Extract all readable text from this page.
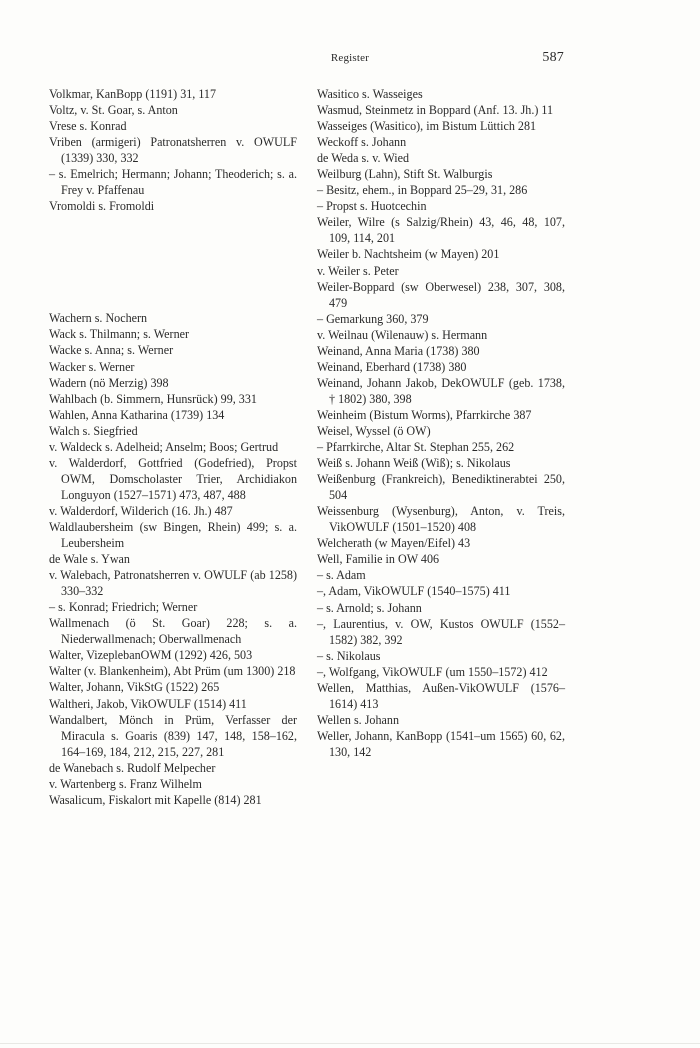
Register	587

Volkmar, KanBopp (1191) 31, 117

Voltz, v. St. Goar, s. Anton

Vrese s. Konrad

Vriben (armigeri) Patronatsherren v. OWULF (1339) 330, 332

– s. Emelrich; Hermann; Johann; Theoderich; s. a. Frey v. Pfaffenau

Vromoldi s. Fromoldi

Wachern s. Nochern

Wack s. Thilmann; s. Werner

Wacke s. Anna; s. Werner

Wacker s. Werner

Wadern (nö Merzig) 398

Wahlbach (b. Simmern, Hunsrück) 99, 331

Wahlen, Anna Katharina (1739) 134

Walch s. Siegfried

v. Waldeck s. Adelheid; Anselm; Boos; Gertrud

v. Walderdorf, Gottfried (Godefried), Propst OWM, Domscholaster Trier, Archidiakon Longuyon (1527–1571) 473, 487, 488

v. Walderdorf, Wilderich (16. Jh.) 487

Waldlaubersheim (sw Bingen, Rhein) 499; s. a. Leubersheim

de Wale s. Ywan

v. Walebach, Patronatsherren v. OWULF (ab 1258) 330–332

– s. Konrad; Friedrich; Werner

Wallmenach (ö St. Goar) 228; s. a. Niederwallmenach; Oberwallmenach

Walter, VizeplebanOWM (1292) 426, 503

Walter (v. Blankenheim), Abt Prüm (um 1300) 218

Walter, Johann, VikStG (1522) 265

Waltheri, Jakob, VikOWULF (1514) 411

Wandalbert, Mönch in Prüm, Verfasser der Miracula s. Goaris (839) 147, 148, 158–162, 164–169, 184, 212, 215, 227, 281

de Wanebach s. Rudolf Melpecher

v. Wartenberg s. Franz Wilhelm

Wasalicum, Fiskalort mit Kapelle (814) 281

Wasitico s. Wasseiges

Wasmud, Steinmetz in Boppard (Anf. 13. Jh.) 11

Wasseiges (Wasitico), im Bistum Lüttich 281

Weckoff s. Johann

de Weda s. v. Wied

Weilburg (Lahn), Stift St. Walburgis

– Besitz, ehem., in Boppard 25–29, 31, 286

– Propst s. Huotcechin

Weiler, Wilre (s Salzig/Rhein) 43, 46, 48, 107, 109, 114, 201

Weiler b. Nachtsheim (w Mayen) 201

v. Weiler s. Peter

Weiler-Boppard (sw Oberwesel) 238, 307, 308, 479

– Gemarkung 360, 379

v. Weilnau (Wilenauw) s. Hermann

Weinand, Anna Maria (1738) 380

Weinand, Eberhard (1738) 380

Weinand, Johann Jakob, DekOWULF (geb. 1738, † 1802) 380, 398

Weinheim (Bistum Worms), Pfarrkirche 387

Weisel, Wyssel (ö OW)

– Pfarrkirche, Altar St. Stephan 255, 262

Weiß s. Johann Weiß (Wiß); s. Nikolaus

Weißenburg (Frankreich), Benediktinerabtei 250, 504

Weissenburg (Wysenburg), Anton, v. Treis, VikOWULF (1501–1520) 408

Welcherath (w Mayen/Eifel) 43

Well, Familie in OW 406

– s. Adam

–, Adam, VikOWULF (1540–1575) 411

– s. Arnold; s. Johann

–, Laurentius, v. OW, Kustos OWULF (1552–1582) 382, 392

– s. Nikolaus

–, Wolfgang, VikOWULF (um 1550–1572) 412

Wellen, Matthias, Außen-VikOWULF (1576–1614) 413

Wellen s. Johann

Weller, Johann, KanBopp (1541–um 1565) 60, 62, 130, 142
